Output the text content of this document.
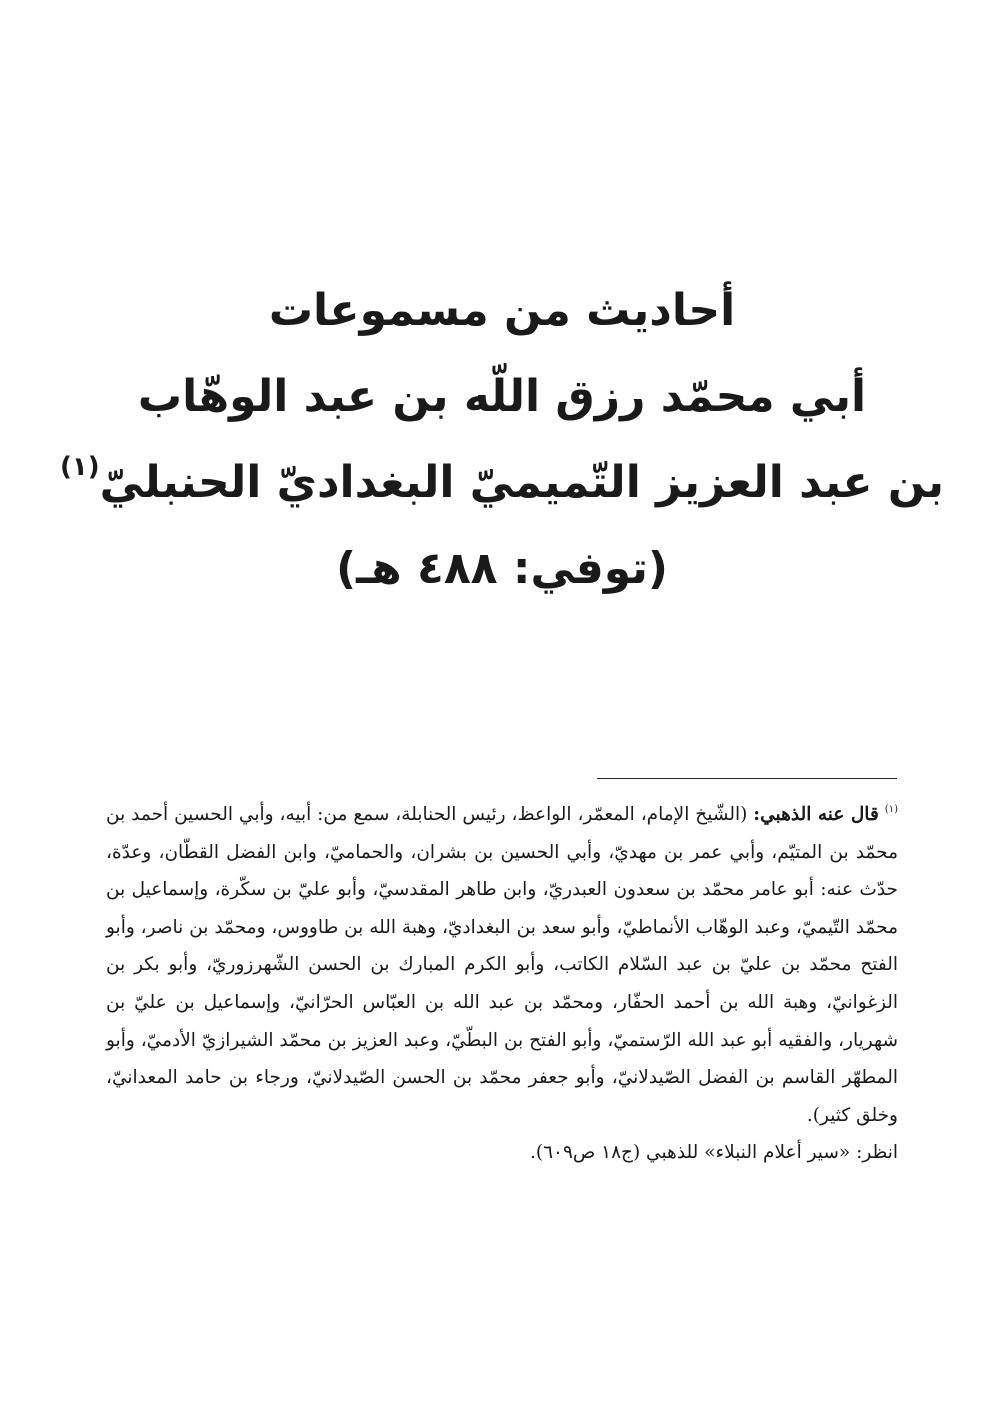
أحاديث من مسموعات
أبي محمّد رزق اللّه بن عبد الوهّاب
بن عبد العزيز التّميميّ البغداديّ الحنبليّ$^{(١)}$
(توفي: ٤٨٨ هـ)
$^{(١)}$قال عنه الذهبي: (الشّيخ الإمام، المعمّر، الواعظ، رئيس الحنابلة، سمع من: أبيه، وأبي الحسين أحمد بن محمّد بن المتيّم، وأبي عمر بن مهديّ، وأبي الحسين بن بشران، والحماميّ، وابن الفضل القطّان، وعدّة، حدّث عنه: أبو عامر محمّد بن سعدون العبدريّ، وابن طاهر المقدسيّ، وأبو عليّ بن سكّرة، وإسماعيل بن محمّد التّيميّ، وعبد الوهّاب الأنماطيّ، وأبو سعد بن البغداديّ، وهبة الله بن طاووس، ومحمّد بن ناصر، وأبو الفتح محمّد بن عليّ بن عبد السّلام الكاتب، وأبو الكرم المبارك بن الحسن الشّهرزوريّ، وأبو بكر بن الزغوانيّ، وهبة الله بن أحمد الحفّار، ومحمّد بن عبد الله بن العبّاس الحرّانيّ، وإسماعيل بن عليّ بن شهريار، والفقيه أبو عبد الله الرّستميّ، وأبو الفتح بن البطّيّ، وعبد العزيز بن محمّد الشيرازيّ الأدميّ، وأبو المطهّر القاسم بن الفضل الصّيدلانيّ، وأبو جعفر محمّد بن الحسن الصّيدلانيّ، ورجاء بن حامد المعدانيّ، وخلق كثير).
انظر: «سير أعلام النبلاء» للذهبي (ج١٨ ص٦٠٩).
